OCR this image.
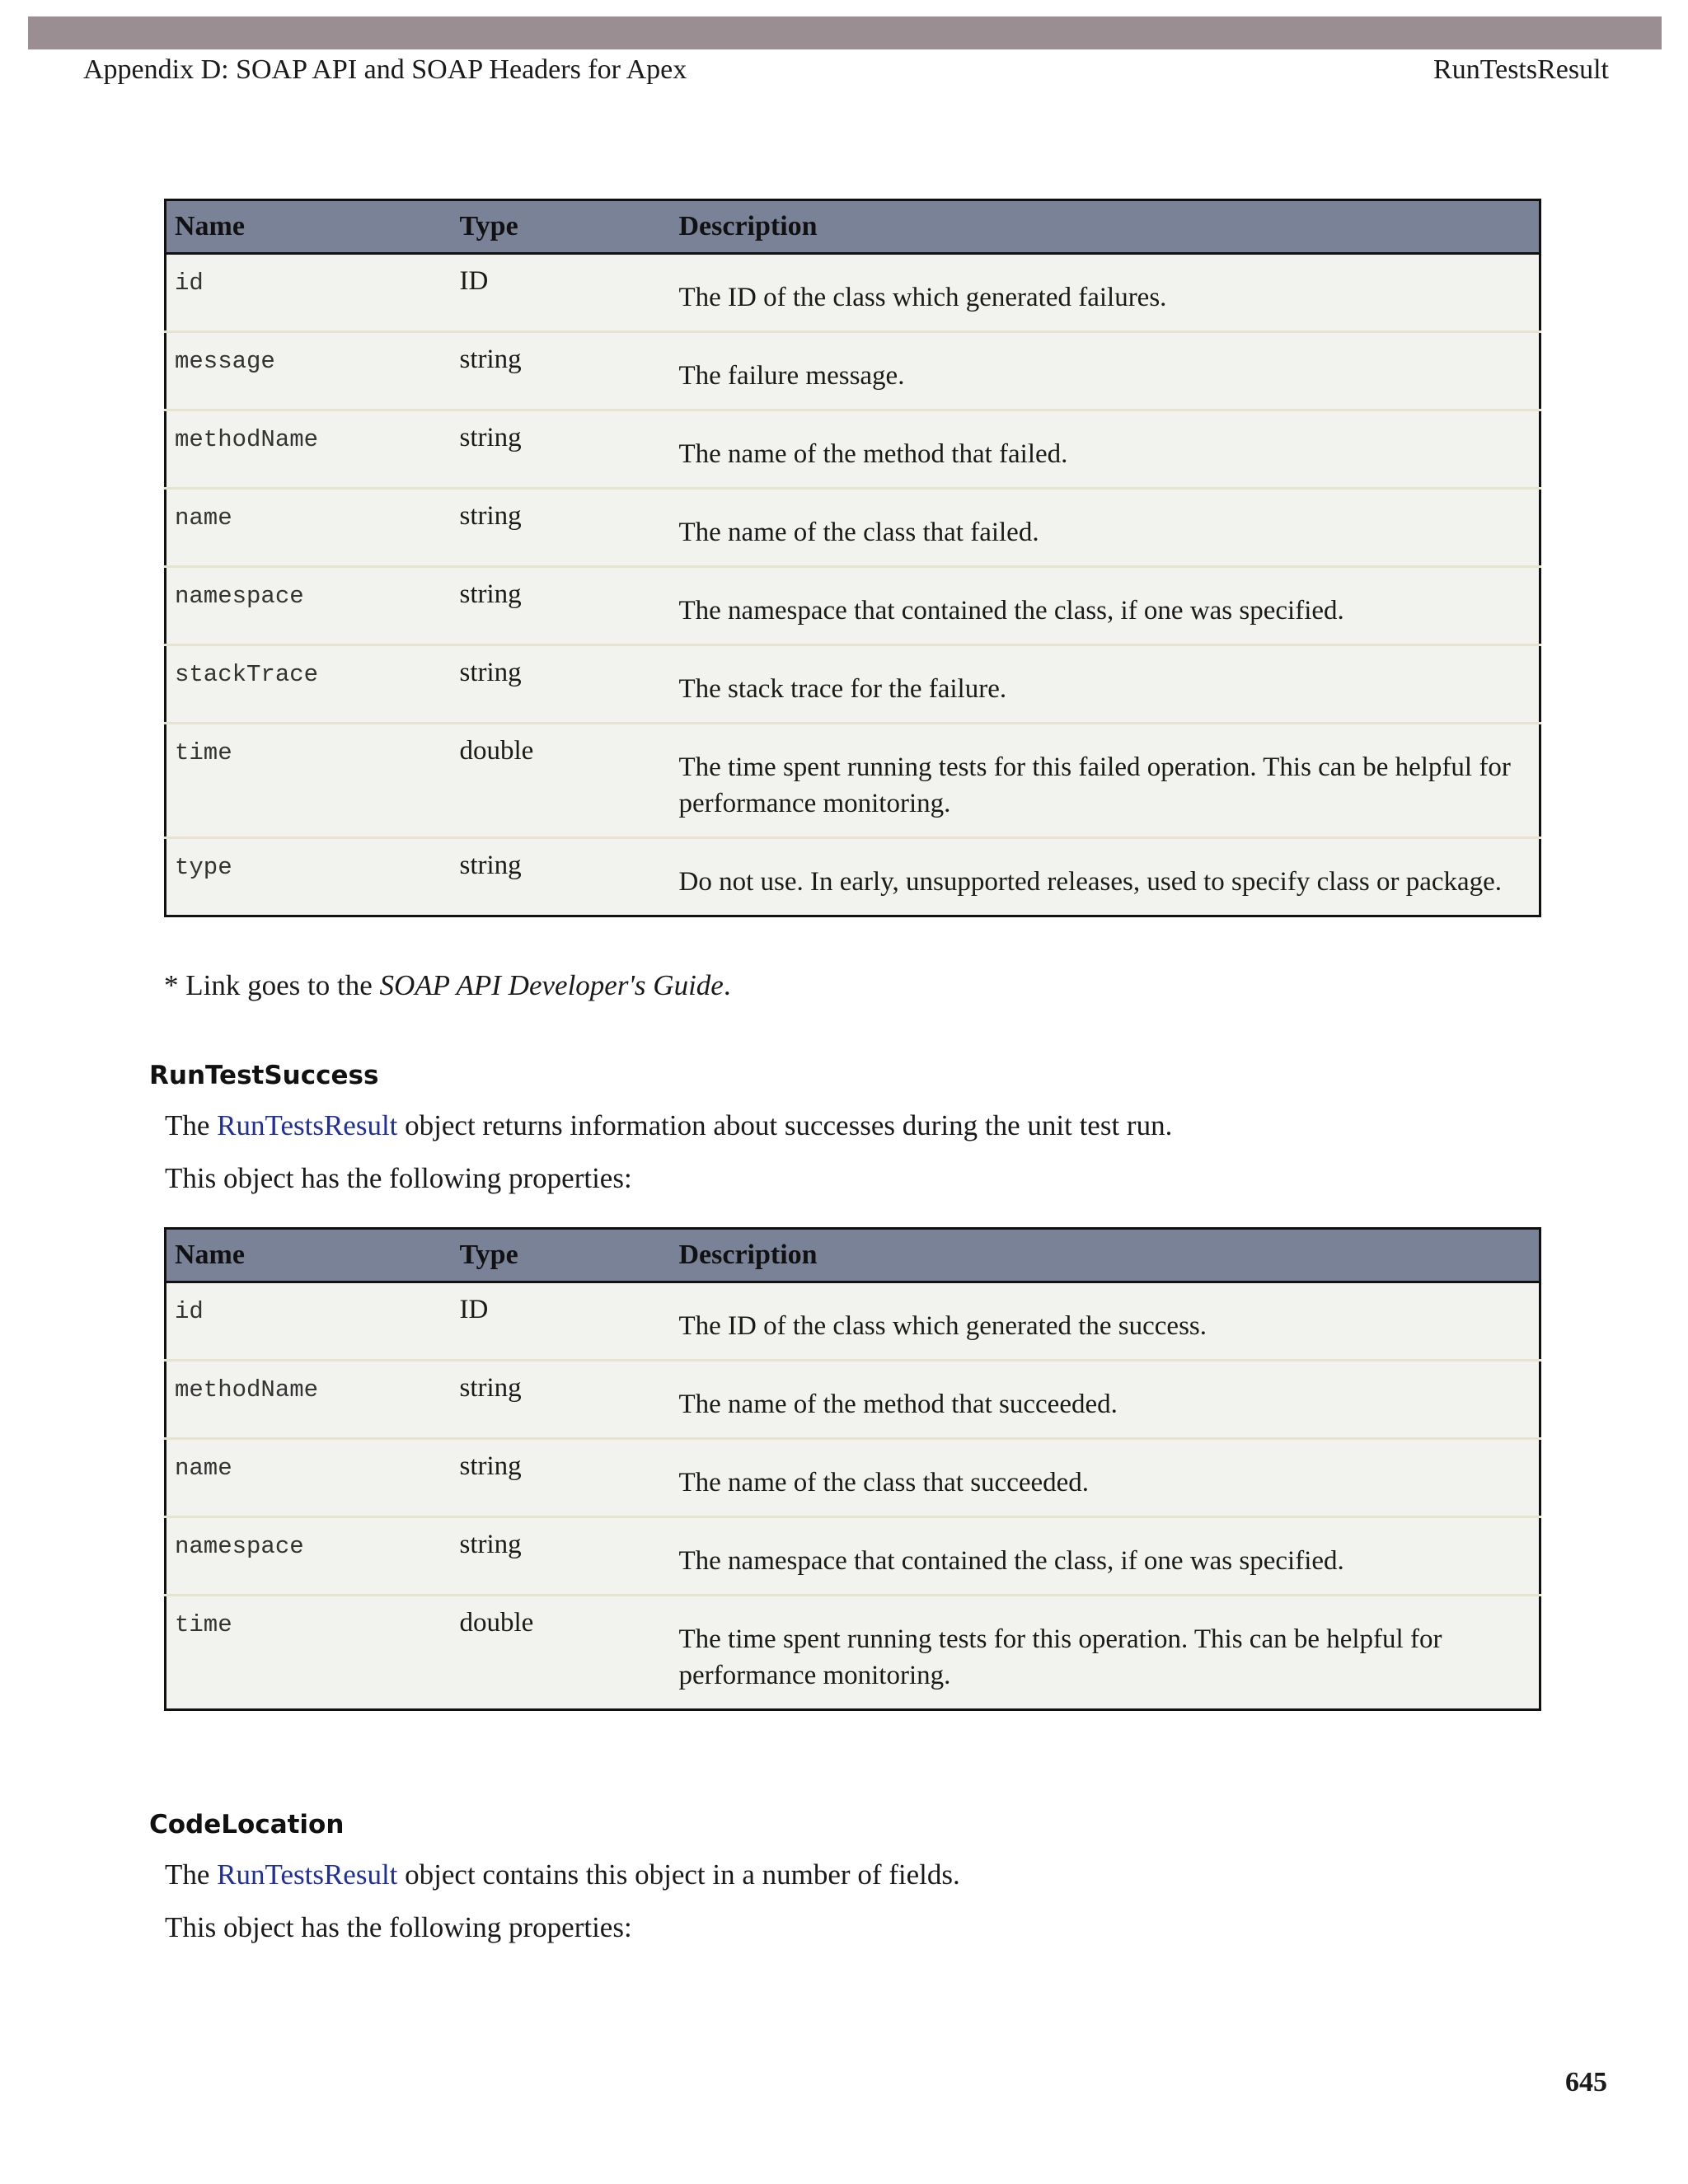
Appendix D: SOAP API and SOAP Headers for Apex	RunTestsResult
Name	Type	Description
id	ID	The ID of the class which generated failures.
message	string	The failure message.
methodName	string	The name of the method that failed.
name	string	The name of the class that failed.
namespace	string	The namespace that contained the class, if one was specified.
stackTrace	string	The stack trace for the failure.
time	double	The time spent running tests for this failed operation. This can be helpful for performance monitoring.
type	string	Do not use. In early, unsupported releases, used to specify class or package.
* Link goes to the SOAP API Developer's Guide.
RunTestSuccess
The RunTestsResult object returns information about successes during the unit test run.
This object has the following properties:
Name	Type	Description
id	ID	The ID of the class which generated the success.
methodName	string	The name of the method that succeeded.
name	string	The name of the class that succeeded.
namespace	string	The namespace that contained the class, if one was specified.
time	double	The time spent running tests for this operation. This can be helpful for performance monitoring.
CodeLocation
The RunTestsResult object contains this object in a number of fields.
This object has the following properties:
645
